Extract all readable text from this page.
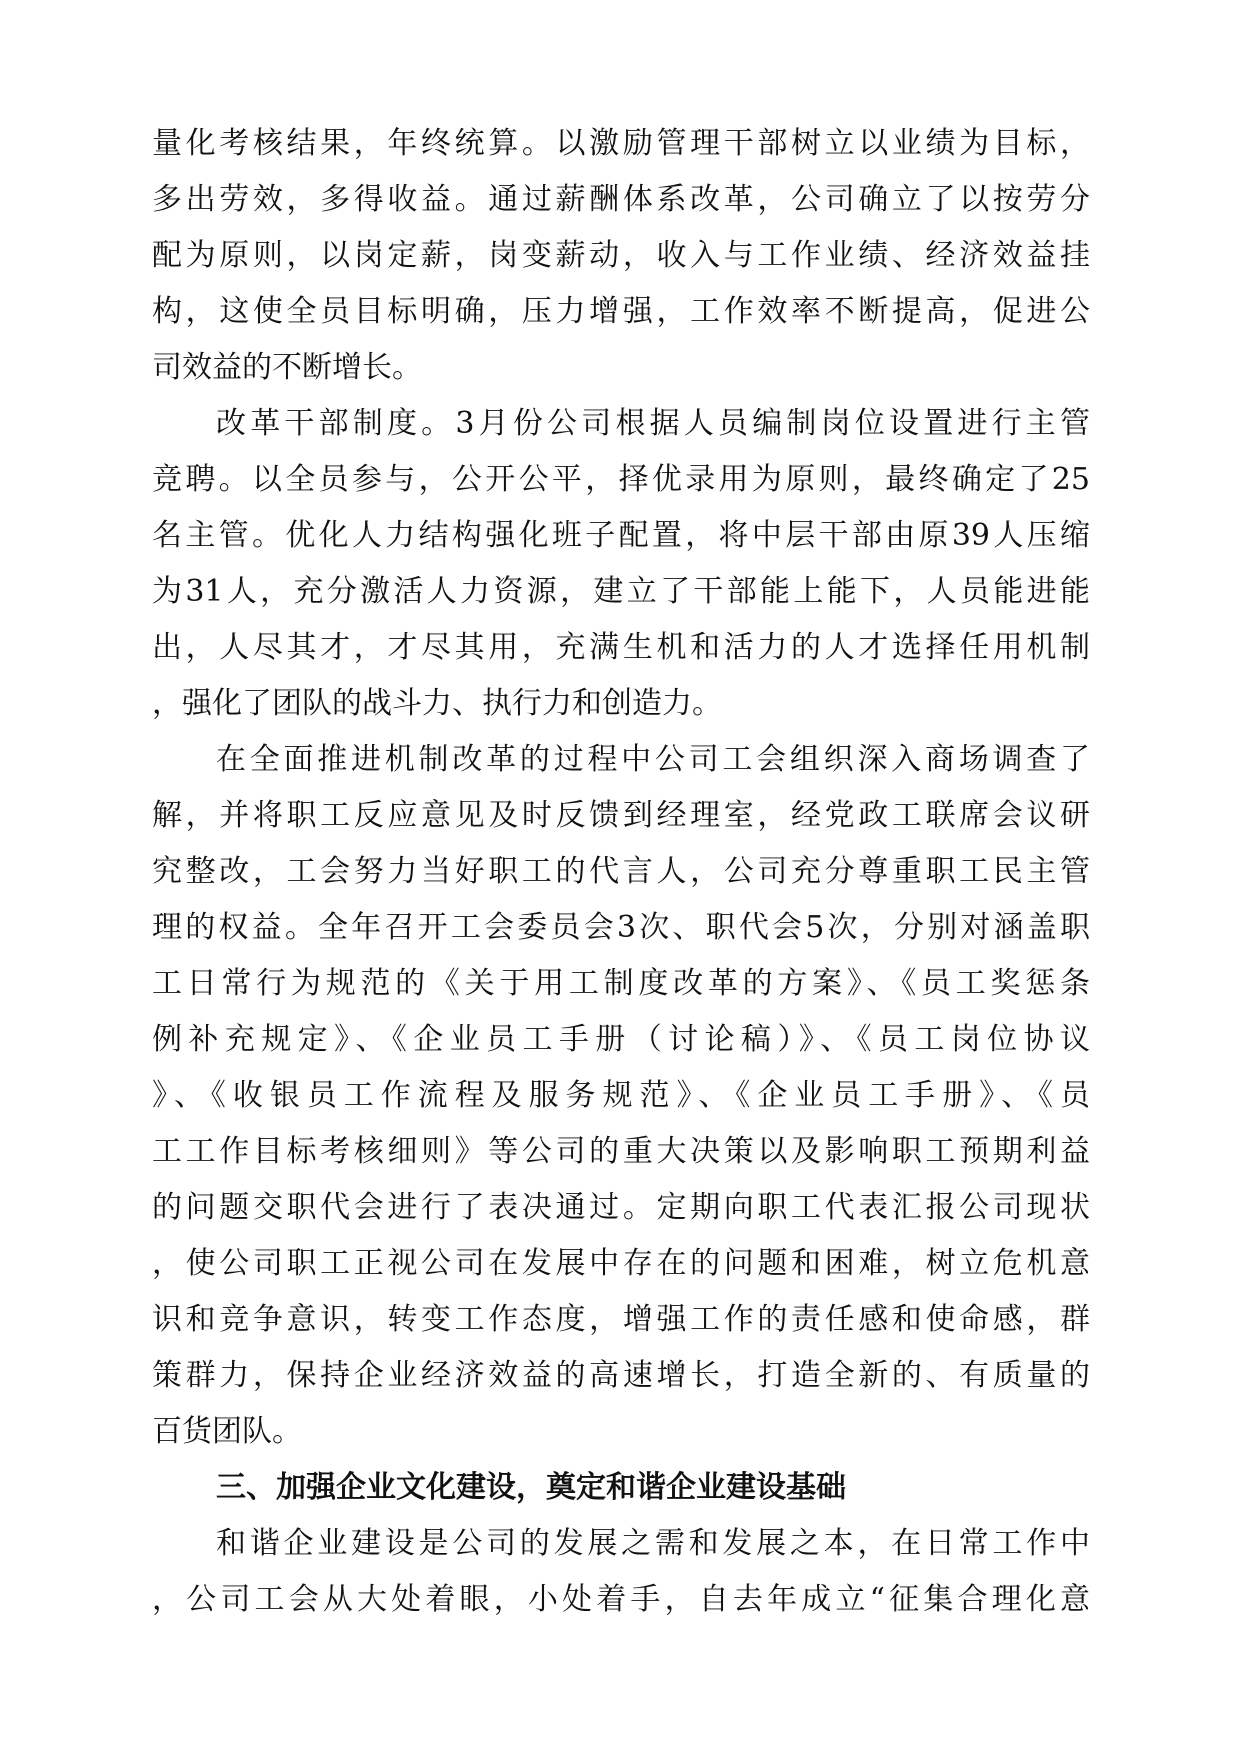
量化考核结果，年终统算。以激励管理干部树立以业绩为目标，
多出劳效，多得收益。通过薪酬体系改革，公司确立了以按劳分
配为原则，以岗定薪，岗变薪动，收入与工作业绩、经济效益挂
构，这使全员目标明确，压力增强，工作效率不断提高，促进公
司效益的不断增长。
改革干部制度。3月份公司根据人员编制岗位设置进行主管
竞聘。以全员参与，公开公平，择优录用为原则，最终确定了25
名主管。优化人力结构强化班子配置，将中层干部由原39人压缩
为31人，充分激活人力资源，建立了干部能上能下，人员能进能
出，人尽其才，才尽其用，充满生机和活力的人才选择任用机制
，强化了团队的战斗力、执行力和创造力。
在全面推进机制改革的过程中公司工会组织深入商场调查了
解，并将职工反应意见及时反馈到经理室，经党政工联席会议研
究整改，工会努力当好职工的代言人，公司充分尊重职工民主管
理的权益。全年召开工会委员会3次、职代会5次，分别对涵盖职
工日常行为规范的《关于用工制度改革的方案》、《员工奖惩条
例补充规定》、《企业员工手册（讨论稿）》、《员工岗位协议
》、《收银员工作流程及服务规范》、《企业员工手册》、《员
工工作目标考核细则》等公司的重大决策以及影响职工预期利益
的问题交职代会进行了表决通过。定期向职工代表汇报公司现状
，使公司职工正视公司在发展中存在的问题和困难，树立危机意
识和竞争意识，转变工作态度，增强工作的责任感和使命感，群
策群力，保持企业经济效益的高速增长，打造全新的、有质量的
百货团队。
三、加强企业文化建设，奠定和谐企业建设基础
和谐企业建设是公司的发展之需和发展之本，在日常工作中
，公司工会从大处着眼，小处着手，自去年成立“征集合理化意
